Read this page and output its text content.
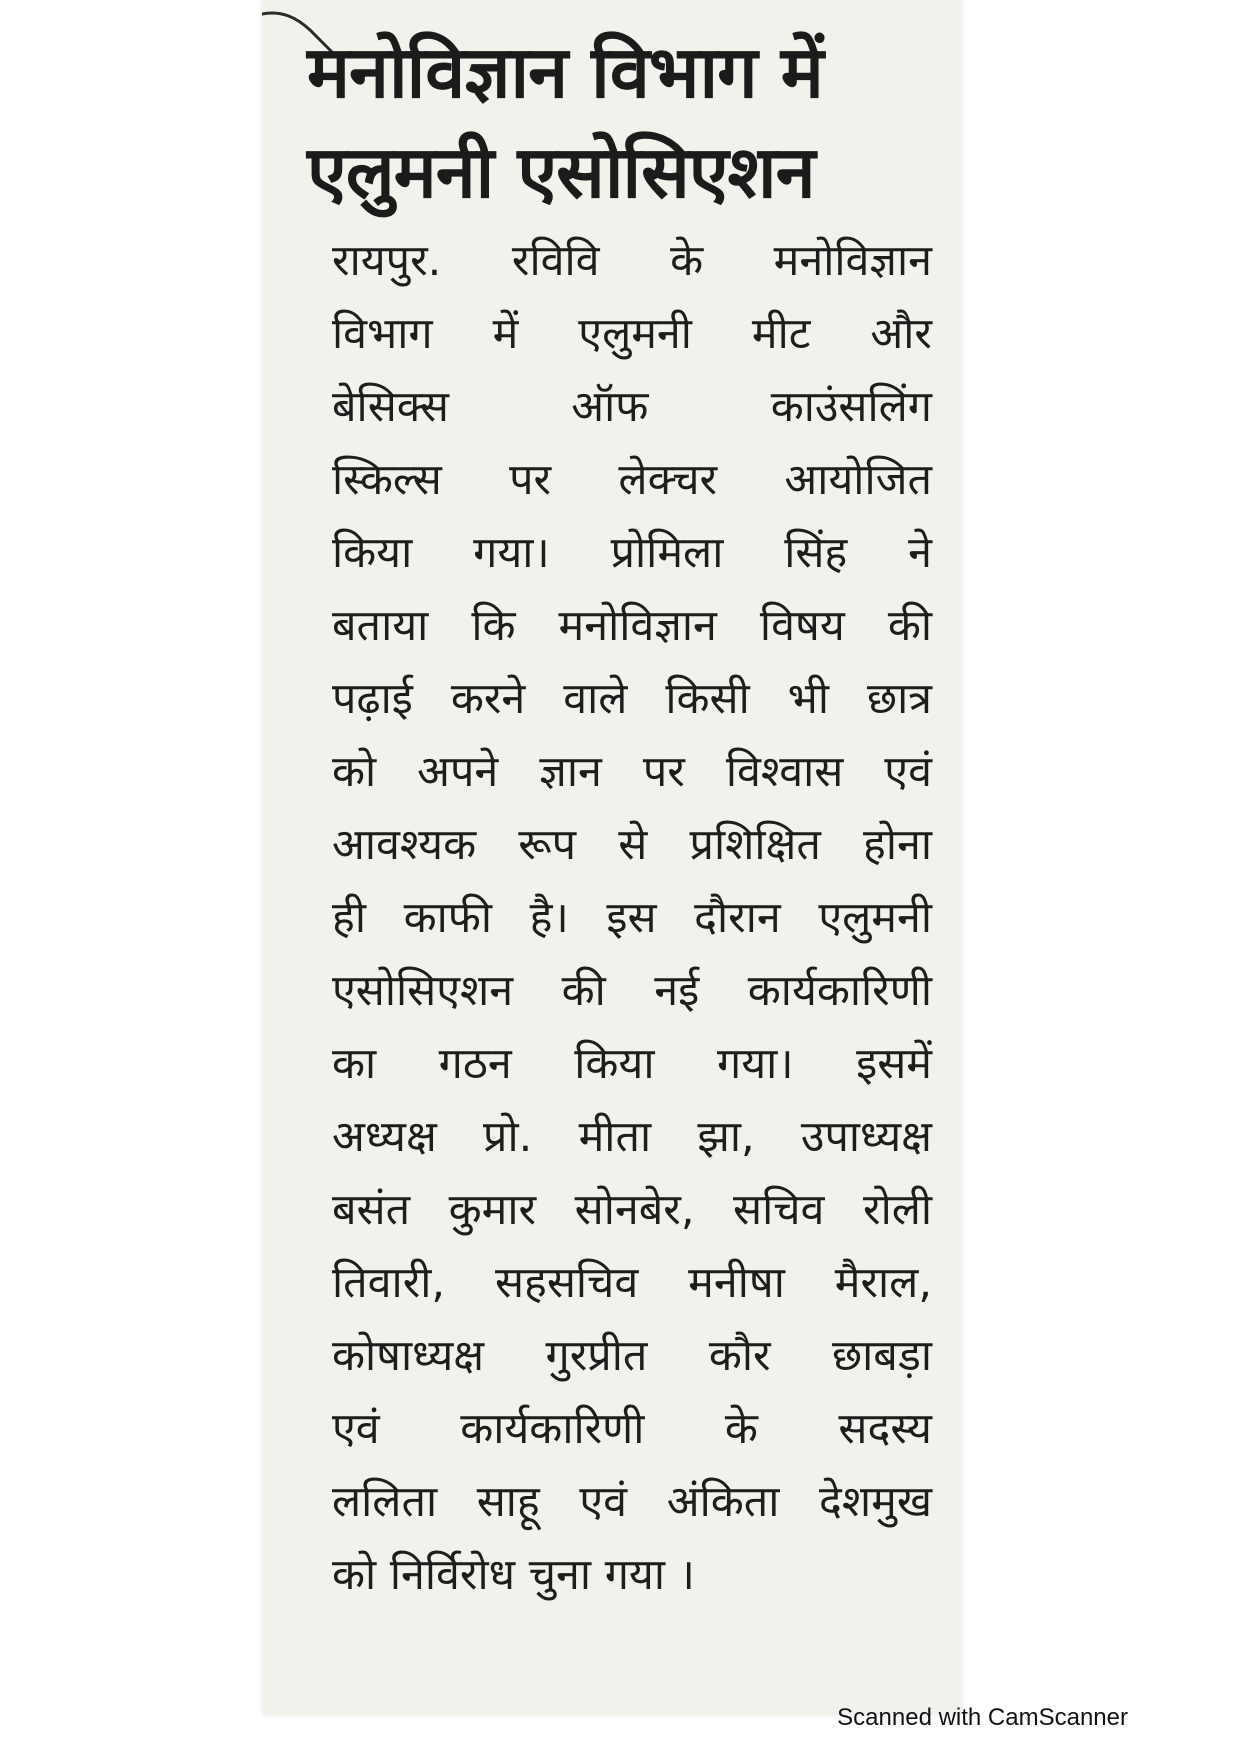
मनोविज्ञान विभाग में
एलुमनी एसोसिएशन
रायपुर. रविवि के मनोविज्ञान
विभाग में एलुमनी मीट और
बेसिक्स ऑफ काउंसलिंग
स्किल्स पर लेक्चर आयोजित
किया गया। प्रोमिला सिंह ने
बताया कि मनोविज्ञान विषय की
पढ़ाई करने वाले किसी भी छात्र
को अपने ज्ञान पर विश्वास एवं
आवश्यक रूप से प्रशिक्षित होना
ही काफी है। इस दौरान एलुमनी
एसोसिएशन की नई कार्यकारिणी
का गठन किया गया। इसमें
अध्यक्ष प्रो. मीता झा, उपाध्यक्ष
बसंत कुमार सोनबेर, सचिव रोली
तिवारी, सहसचिव मनीषा मैराल,
कोषाध्यक्ष गुरप्रीत कौर छाबड़ा
एवं कार्यकारिणी के सदस्य
ललिता साहू एवं अंकिता देशमुख
को निर्विरोध चुना गया ।
Scanned with CamScanner
